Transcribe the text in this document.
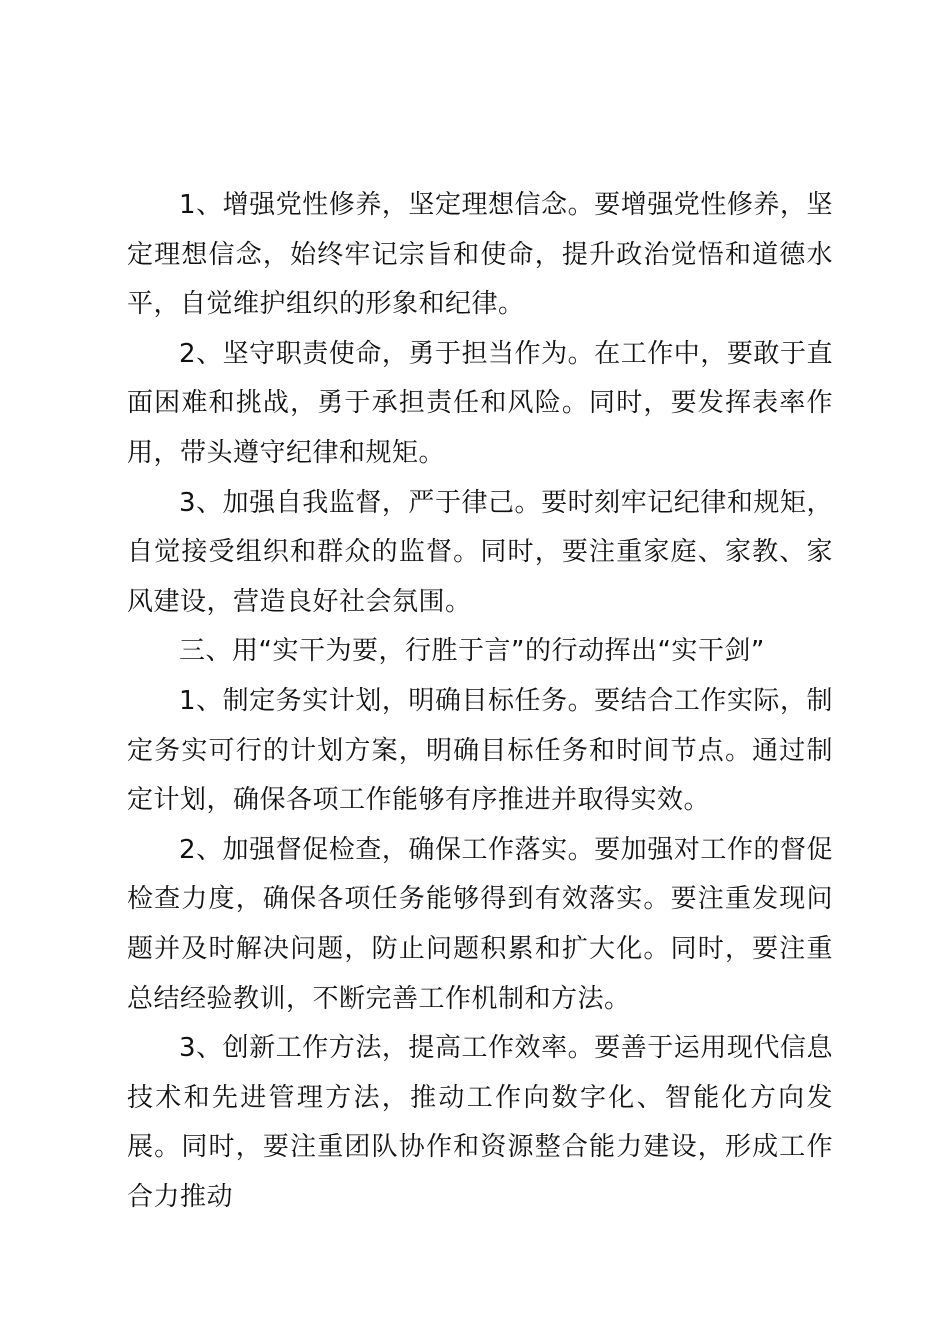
1、增强党性修养，坚定理想信念。要增强党性修养，坚定理想信念，始终牢记宗旨和使命，提升政治觉悟和道德水平，自觉维护组织的形象和纪律。

2、坚守职责使命，勇于担当作为。在工作中，要敢于直面困难和挑战，勇于承担责任和风险。同时，要发挥表率作用，带头遵守纪律和规矩。

3、加强自我监督，严于律己。要时刻牢记纪律和规矩，自觉接受组织和群众的监督。同时，要注重家庭、家教、家风建设，营造良好社会氛围。

三、用“实干为要，行胜于言”的行动挥出“实干剑”

1、制定务实计划，明确目标任务。要结合工作实际，制定务实可行的计划方案，明确目标任务和时间节点。通过制定计划，确保各项工作能够有序推进并取得实效。

2、加强督促检查，确保工作落实。要加强对工作的督促检查力度，确保各项任务能够得到有效落实。要注重发现问题并及时解决问题，防止问题积累和扩大化。同时，要注重总结经验教训，不断完善工作机制和方法。

3、创新工作方法，提高工作效率。要善于运用现代信息技术和先进管理方法，推动工作向数字化、智能化方向发展。同时，要注重团队协作和资源整合能力建设，形成工作合力推动
